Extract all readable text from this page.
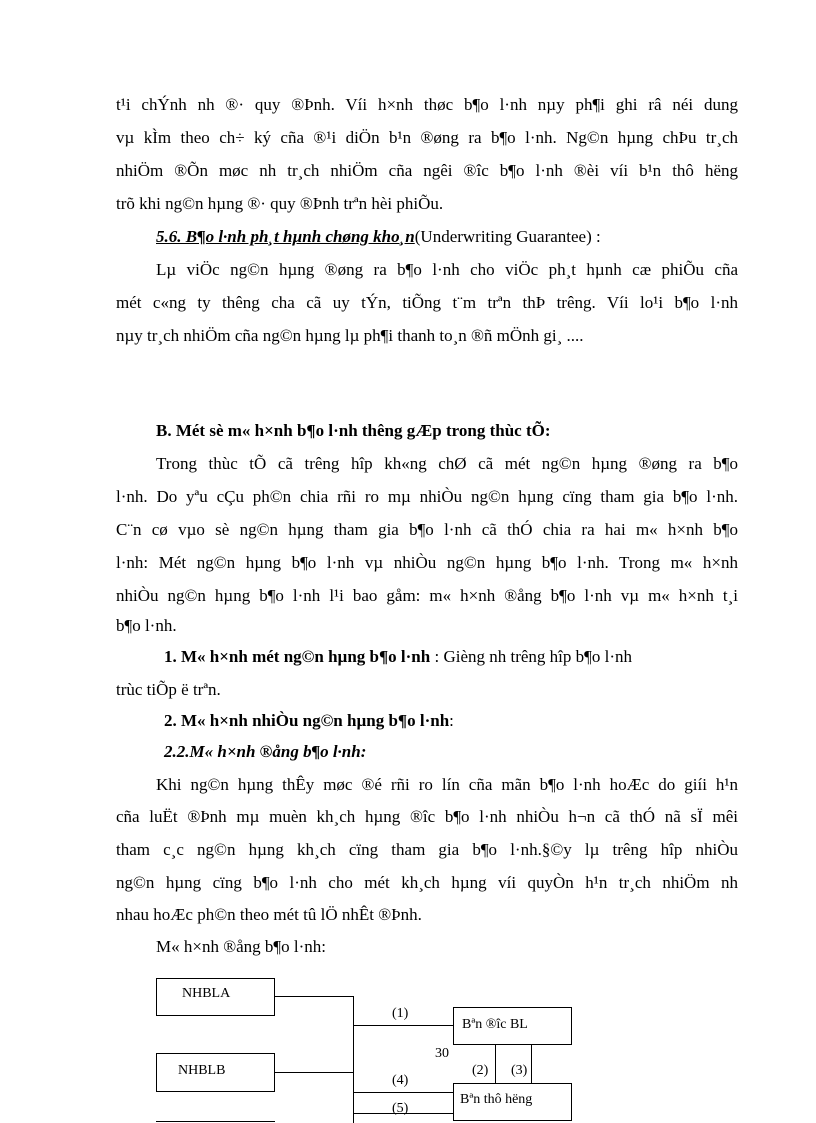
t¹i chÝnh nh ®· quy ®Þnh. Víi h×nh thøc b¶o l·nh nµy ph¶i ghi râ néi dung
vµ kÌm theo ch÷ ký cña ®¹i diÖn b¹n ®øng ra b¶o l·nh. Ng©n hµng chÞu tr¸ch
nhiÖm ®Õn møc nh tr¸ch nhiÖm cña ngêi ®îc b¶o l·nh ®èi víi b¹n thô hëng
trõ khi ng©n hµng ®· quy ®Þnh trªn hèi phiÕu.
5.6. B¶o l·nh ph¸t hµnh chøng kho¸n(Underwriting Guarantee) :
Lµ viÖc ng©n hµng ®øng ra b¶o l·nh cho viÖc ph¸t hµnh cæ phiÕu cña
mét c«ng ty thêng cha cã uy tÝn, tiÕng t¨m trªn thÞ trêng. Víi lo¹i b¶o l·nh
nµy tr¸ch nhiÖm cña ng©n hµng lµ ph¶i thanh to¸n ®ñ mÖnh gi¸ ....
B. Mét sè m« h×nh b¶o l·nh thêng gÆp trong thùc tÕ:
Trong thùc tÕ cã trêng hîp kh«ng chØ cã mét ng©n hµng ®øng ra b¶o
l·nh. Do yªu cÇu ph©n chia rñi ro mµ nhiÒu ng©n hµng cïng tham gia b¶o l·nh.
C¨n cø vµo sè ng©n hµng tham gia b¶o l·nh cã thÓ chia ra hai m« h×nh b¶o
l·nh: Mét ng©n hµng b¶o l·nh vµ nhiÒu ng©n hµng b¶o l·nh. Trong m« h×nh
nhiÒu ng©n hµng b¶o l·nh l¹i bao gåm: m« h×nh ®ång b¶o l·nh vµ m« h×nh t¸i
b¶o l·nh.
1. M« h×nh mét ng©n hµng b¶o l·nh : Gièng nh trêng hîp b¶o l·nh
trùc tiÕp ë trªn.
2. M« h×nh nhiÒu ng©n hµng b¶o l·nh:
2.2.M« h×nh ®ång b¶o l·nh:
Khi ng©n hµng thÊy møc ®é rñi ro lín cña mãn b¶o l·nh hoÆc do giíi h¹n
cña luËt ®Þnh mµ muèn kh¸ch hµng ®îc b¶o l·nh nhiÒu h¬n cã thÓ nã sÏ mêi
tham c¸c ng©n hµng kh¸ch cïng tham gia b¶o l·nh.§©y lµ trêng hîp nhiÒu
ng©n hµng cïng b¶o l·nh cho mét kh¸ch hµng víi quyÒn h¹n tr¸ch nhiÖm nh
nhau hoÆc ph©n theo mét tû lÖ nhÊt ®Þnh.
M« h×nh ®ång b¶o l·nh:
NHBLA
NHBLB
Bªn ®îc BL
Bªn thô hëng
(1)
(2) (3)
(4)
(5)
30
